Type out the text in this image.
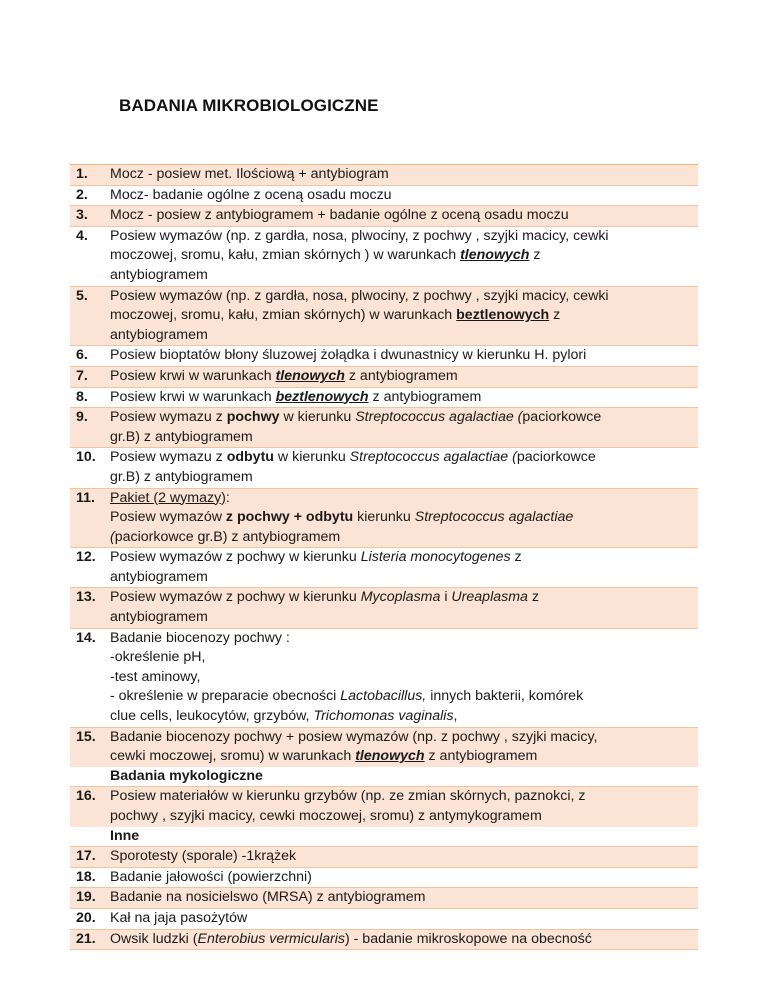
BADANIA MIKROBIOLOGICZNE
1.	Mocz - posiew met. Ilościową + antybiogram
2.	Mocz- badanie ogólne z oceną osadu moczu
3.	Mocz - posiew z antybiogramem + badanie ogólne z oceną osadu moczu
4.	Posiew wymazów (np. z gardła, nosa, plwociny, z pochwy , szyjki macicy, cewki
moczowej, sromu, kału, zmian skórnych ) w warunkach tlenowych z
antybiogramem
5.	Posiew wymazów (np. z gardła, nosa, plwociny, z pochwy , szyjki macicy, cewki
moczowej, sromu, kału, zmian skórnych) w warunkach beztlenowych z
antybiogramem
6.	Posiew bioptatów błony śluzowej żołądka i dwunastnicy w kierunku H. pylori
7.	Posiew krwi w warunkach tlenowych z antybiogramem
8.	Posiew krwi w warunkach beztlenowych z antybiogramem
9.	Posiew wymazu z pochwy w kierunku Streptococcus agalactiae (paciorkowce
gr.B) z antybiogramem
10.	Posiew wymazu z odbytu w kierunku Streptococcus agalactiae (paciorkowce
gr.B) z antybiogramem
11.	Pakiet (2 wymazy):
Posiew wymazów z pochwy + odbytu kierunku Streptococcus agalactiae
(paciorkowce gr.B) z antybiogramem
12.	Posiew wymazów z pochwy w kierunku Listeria monocytogenes z
antybiogramem
13.	Posiew wymazów z pochwy w kierunku Mycoplasma i Ureaplasma z
antybiogramem
14.	Badanie biocenozy pochwy :
-określenie pH,
-test aminowy,
- określenie w preparacie obecności Lactobacillus, innych bakterii, komórek
clue cells, leukocytów, grzybów, Trichomonas vaginalis,
15.	Badanie biocenozy pochwy + posiew wymazów (np. z pochwy , szyjki macicy,
cewki moczowej, sromu) w warunkach tlenowych z antybiogramem
Badania mykologiczne
16.	Posiew materiałów w kierunku grzybów (np. ze zmian skórnych, paznokci, z
pochwy , szyjki macicy, cewki moczowej, sromu) z antymykogramem
Inne
17.	Sporotesty (sporale) -1krążek
18.	Badanie jałowości (powierzchni)
19.	Badanie na nosicielswo (MRSA) z antybiogramem
20.	Kał na jaja pasożytów
21.	Owsik ludzki (Enterobius vermicularis) - badanie mikroskopowe na obecność
